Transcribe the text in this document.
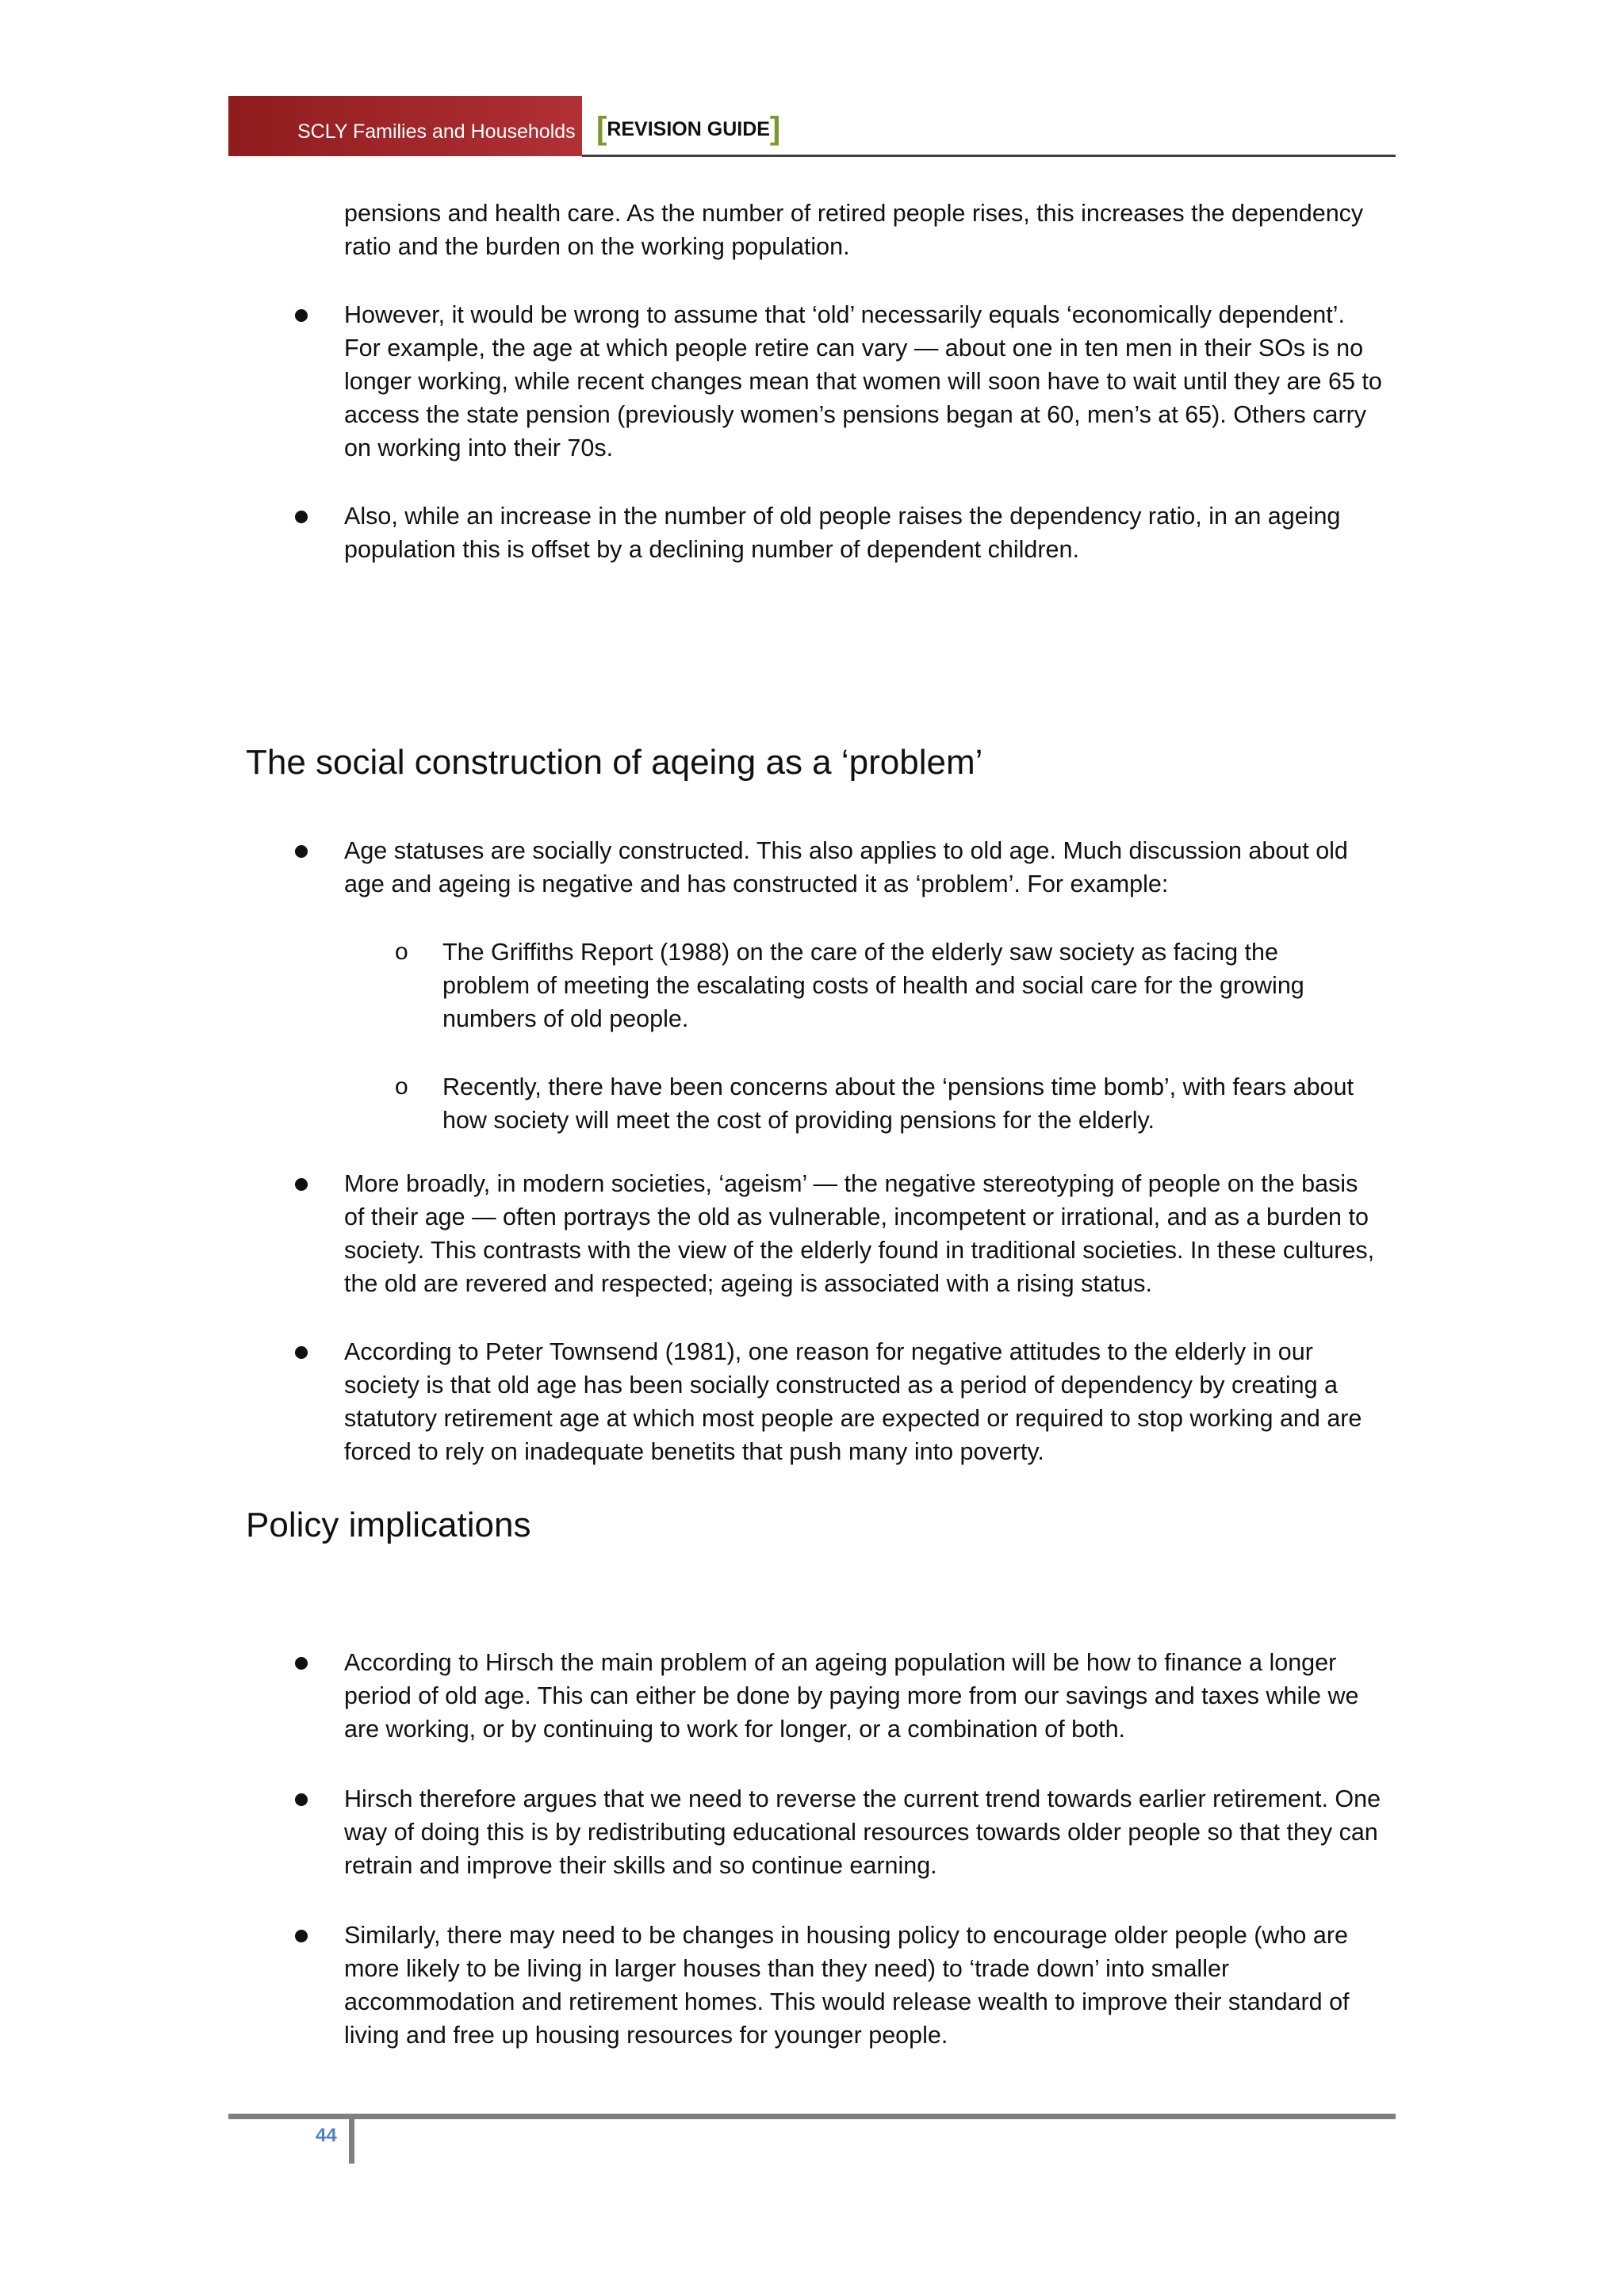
SCLY Families and Households [REVISION GUIDE]

pensions and health care. As the number of retired people rises, this increases the dependency ratio and the burden on the working population.

However, it would be wrong to assume that ‘old’ necessarily equals ‘economically dependent’. For example, the age at which people retire can vary — about one in ten men in their SOs is no longer working, while recent changes mean that women will soon have to wait until they are 65 to access the state pension (previously women’s pensions began at 60, men’s at 65). Others carry on working into their 70s.

Also, while an increase in the number of old people raises the dependency ratio, in an ageing population this is offset by a declining number of dependent children.

The social construction of aqeing as a ‘problem’

Age statuses are socially constructed. This also applies to old age. Much discussion about old age and ageing is negative and has constructed it as ‘problem’. For example:

o The Griffiths Report (1988) on the care of the elderly saw society as facing the problem of meeting the escalating costs of health and social care for the growing numbers of old people.

o Recently, there have been concerns about the ‘pensions time bomb’, with fears about how society will meet the cost of providing pensions for the elderly.

More broadly, in modern societies, ‘ageism’ — the negative stereotyping of people on the basis of their age — often portrays the old as vulnerable, incompetent or irrational, and as a burden to society. This contrasts with the view of the elderly found in traditional societies. In these cultures, the old are revered and respected; ageing is associated with a rising status.

According to Peter Townsend (1981), one reason for negative attitudes to the elderly in our society is that old age has been socially constructed as a period of dependency by creating a statutory retirement age at which most people are expected or required to stop working and are forced to rely on inadequate benetits that push many into poverty.

Policy implications

According to Hirsch the main problem of an ageing population will be how to finance a longer period of old age. This can either be done by paying more from our savings and taxes while we are working, or by continuing to work for longer, or a combination of both.

Hirsch therefore argues that we need to reverse the current trend towards earlier retirement. One way of doing this is by redistributing educational resources towards older people so that they can retrain and improve their skills and so continue earning.

Similarly, there may need to be changes in housing policy to encourage older people (who are more likely to be living in larger houses than they need) to ‘trade down’ into smaller accommodation and retirement homes. This would release wealth to improve their standard of living and free up housing resources for younger people.

44
